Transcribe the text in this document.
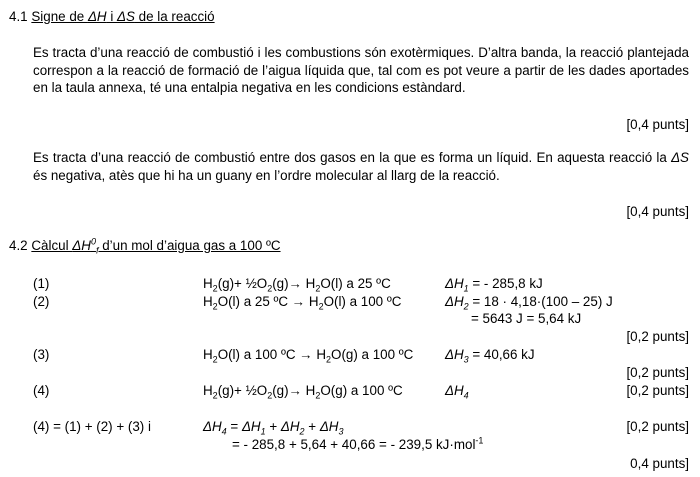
4.1 Signe de ΔH i ΔS de la reacció
Es tracta d’una reacció de combustió i les combustions són exotèrmiques. D’altra banda, la reacció plantejada correspon a la reacció de formació de l’aigua líquida que, tal com es pot veure a partir de les dades aportades en la taula annexa, té una entalpia negativa en les condicions estàndard.
[0,4 punts]
Es tracta d’una reacció de combustió entre dos gasos en la que es forma un líquid. En aquesta reacció la ΔS és negativa, atès que hi ha un guany en l’ordre molecular al llarg de la reacció.
[0,4 punts]
4.2 Càlcul $\Delta H^0_f$ d’un mol d’aigua gas a 100 ºC
(1)	$H_2(g)+$ $\frac{1}{2}O_2(g)\to H_2O(l)$ a 25 ºC	$\Delta H_1$ = - 285,8 kJ
(2)	$H_2O(l)$ a 25 ºC → $H_2O(l)$ a 100 ºC	$\Delta H_2 = 18 \cdot 4,18\cdot(100 - 25)$ J
= 5643 J = 5,64 kJ
[0,2 punts]
(3)	$H_2O(l)$ a 100 ºC → $H_2O(g)$ a 100 ºC $\Delta H_3 = 40,66$ kJ
[0,2 punts]
(4)	$H_2(g)+$ $\frac{1}{2}O_2(g)\to H_2O(g)$ a 100 ºC	$\Delta H_4$	[0,2 punts]
(4) = (1) + (2) + (3) i	$\Delta H_4 = \Delta H_1 + \Delta H_2 + \Delta H_3$	[0,2 punts]
= - 285,8 + 5,64 + 40,66 = - 239,5 kJ·mol$^{-1}$
0,4 punts]
